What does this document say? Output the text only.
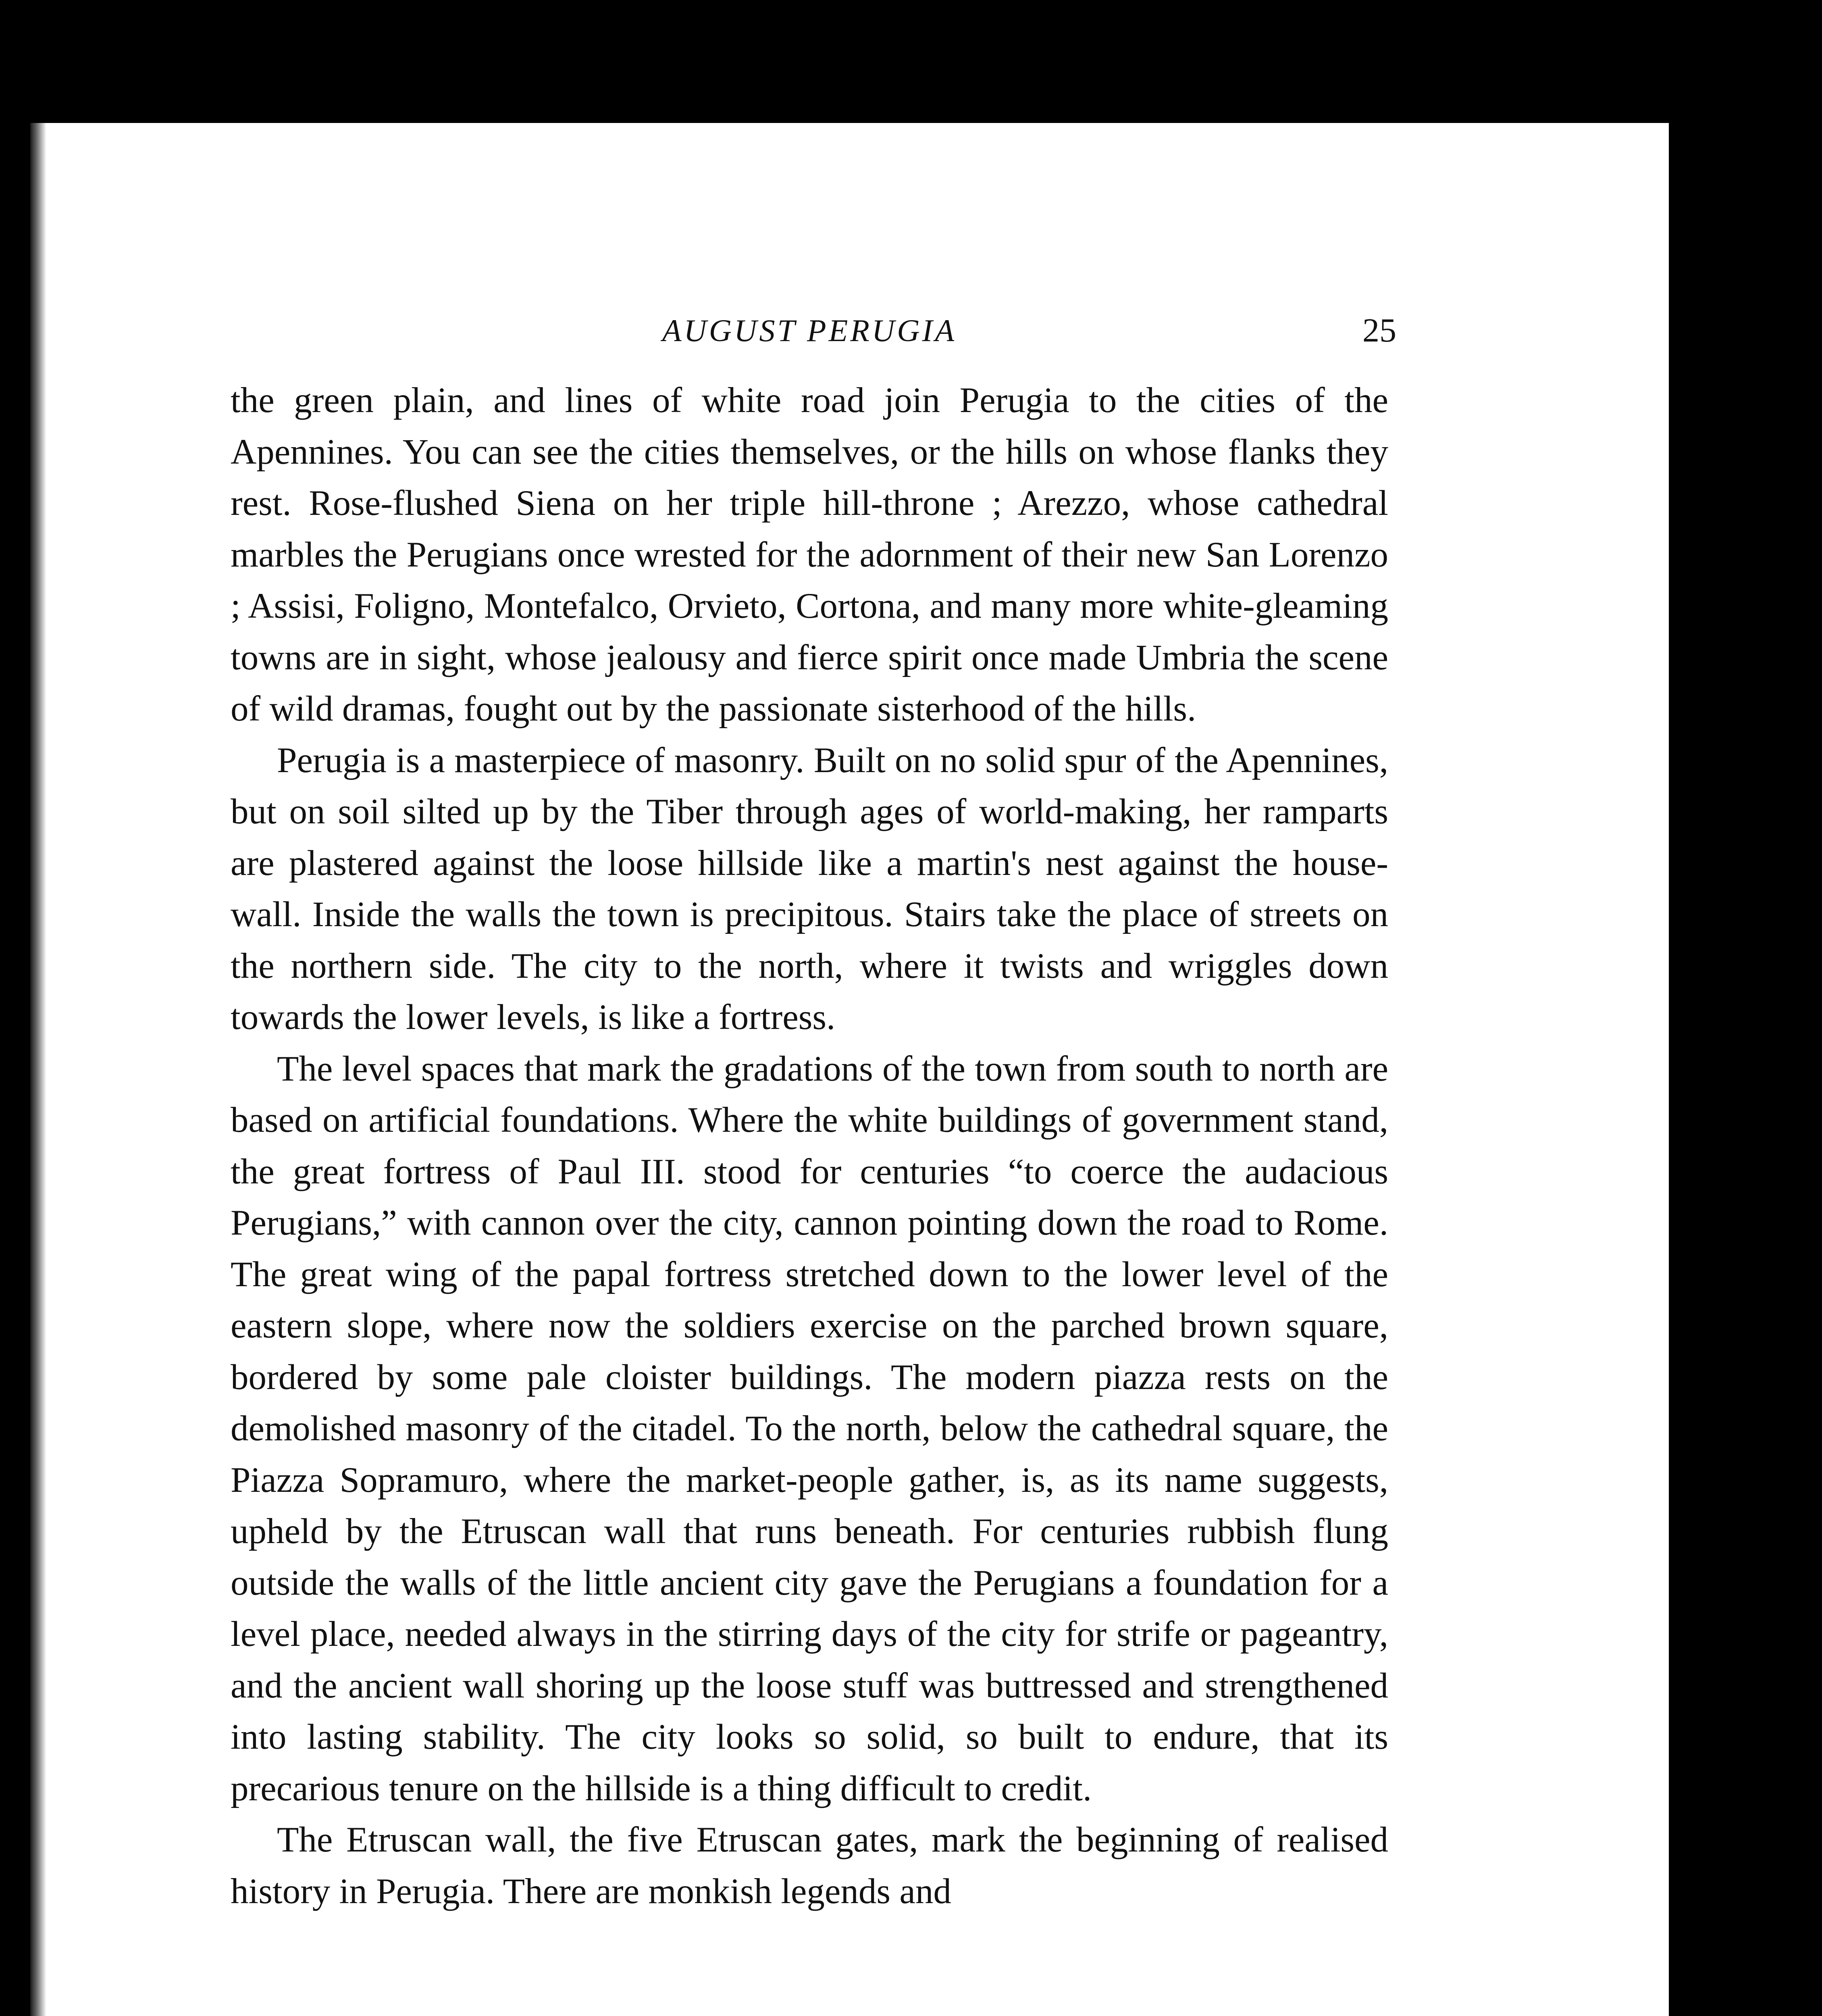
AUGUST PERUGIA	25

the green plain, and lines of white road join Perugia to the cities of the Apennines. You can see the cities themselves, or the hills on whose flanks they rest. Rose-flushed Siena on her triple hill-throne ; Arezzo, whose cathedral marbles the Perugians once wrested for the adornment of their new San Lorenzo ; Assisi, Foligno, Montefalco, Orvieto, Cortona, and many more white-gleaming towns are in sight, whose jealousy and fierce spirit once made Umbria the scene of wild dramas, fought out by the passionate sisterhood of the hills.

Perugia is a masterpiece of masonry. Built on no solid spur of the Apennines, but on soil silted up by the Tiber through ages of world-making, her ramparts are plastered against the loose hillside like a martin's nest against the house-wall. Inside the walls the town is precipitous. Stairs take the place of streets on the northern side. The city to the north, where it twists and wriggles down towards the lower levels, is like a fortress.

The level spaces that mark the gradations of the town from south to north are based on artificial foundations. Where the white buildings of government stand, the great fortress of Paul III. stood for centuries “to coerce the audacious Perugians,” with cannon over the city, cannon pointing down the road to Rome. The great wing of the papal fortress stretched down to the lower level of the eastern slope, where now the soldiers exercise on the parched brown square, bordered by some pale cloister buildings. The modern piazza rests on the demolished masonry of the citadel. To the north, below the cathedral square, the Piazza Sopramuro, where the market-people gather, is, as its name suggests, upheld by the Etruscan wall that runs beneath. For centuries rubbish flung outside the walls of the little ancient city gave the Perugians a foundation for a level place, needed always in the stirring days of the city for strife or pageantry, and the ancient wall shoring up the loose stuff was buttressed and strengthened into lasting stability. The city looks so solid, so built to endure, that its precarious tenure on the hillside is a thing difficult to credit.

The Etruscan wall, the five Etruscan gates, mark the beginning of realised history in Perugia. There are monkish legends and
